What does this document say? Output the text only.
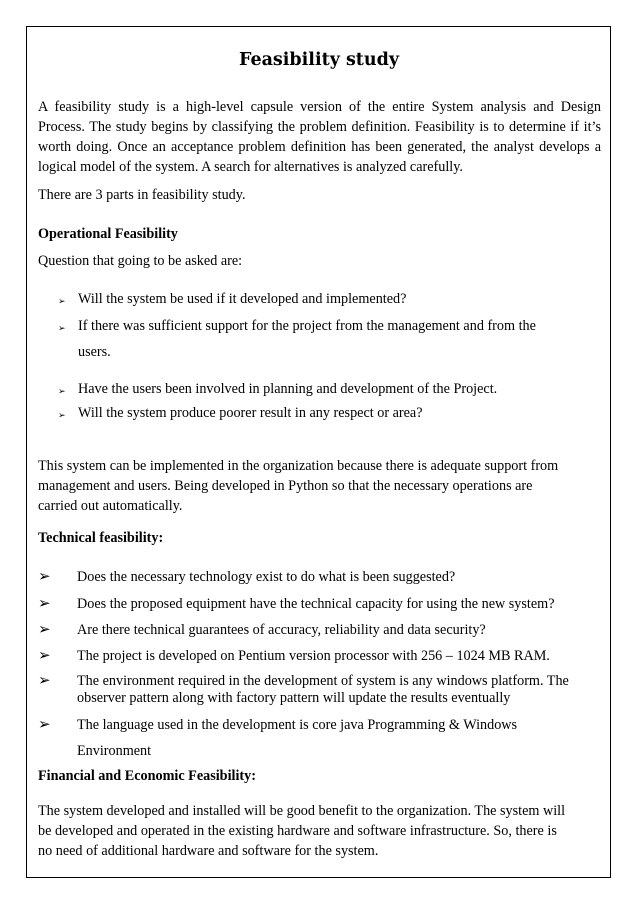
Feasibility study
A feasibility study is a high-level capsule version of the entire System analysis and Design Process. The study begins by classifying the problem definition. Feasibility is to determine if it’s worth doing. Once an acceptance problem definition has been generated, the analyst develops a logical model of the system. A search for alternatives is analyzed carefully.
There are 3 parts in feasibility study.
Operational Feasibility
Question that going to be asked are:
➢ Will the system be used if it developed and implemented?
➢ If there was sufficient support for the project from the management and from the
users.
➢ Have the users been involved in planning and development of the Project.
➢ Will the system produce poorer result in any respect or area?
This system can be implemented in the organization because there is adequate support from
management and users. Being developed in Python so that the necessary operations are
carried out automatically.
Technical feasibility:
➢ Does the necessary technology exist to do what is been suggested?
➢ Does the proposed equipment have the technical capacity for using the new system?
➢ Are there technical guarantees of accuracy, reliability and data security?
➢ The project is developed on Pentium version processor with 256 – 1024 MB RAM.
➢ The environment required in the development of system is any windows platform. The
observer pattern along with factory pattern will update the results eventually
➢ The language used in the development is core java Programming & Windows
Environment
Financial and Economic Feasibility:
The system developed and installed will be good benefit to the organization. The system will
be developed and operated in the existing hardware and software infrastructure. So, there is
no need of additional hardware and software for the system.
